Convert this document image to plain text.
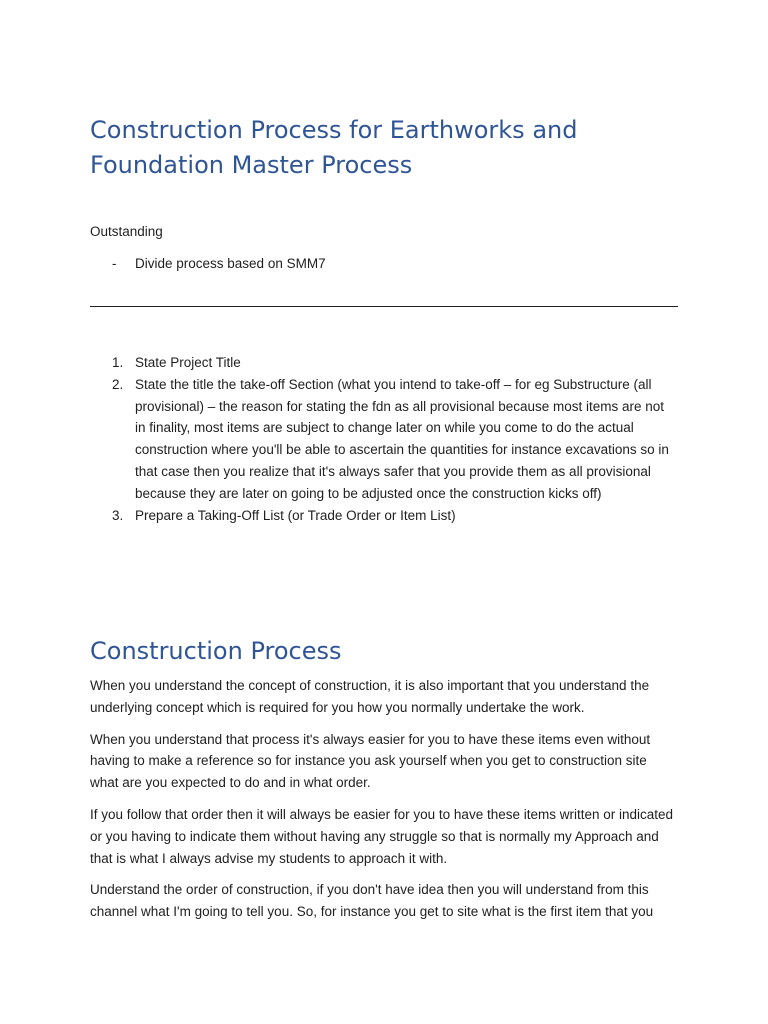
Construction Process for Earthworks and Foundation Master Process
Outstanding
- Divide process based on SMM7
1. State Project Title
2. State the title the take-off Section (what you intend to take-off – for eg Substructure (all provisional) – the reason for stating the fdn as all provisional because most items are not in finality, most items are subject to change later on while you come to do the actual construction where you'll be able to ascertain the quantities for instance excavations so in that case then you realize that it's always safer that you provide them as all provisional because they are later on going to be adjusted once the construction kicks off)
3. Prepare a Taking-Off List (or Trade Order or Item List)
Construction Process

When you understand the concept of construction, it is also important that you understand the underlying concept which is required for you how you normally undertake the work.

When you understand that process it's always easier for you to have these items even without having to make a reference so for instance you ask yourself when you get to construction site what are you expected to do and in what order.

If you follow that order then it will always be easier for you to have these items written or indicated or you having to indicate them without having any struggle so that is normally my Approach and that is what I always advise my students to approach it with.

Understand the order of construction, if you don't have idea then you will understand from this channel what I'm going to tell you. So, for instance you get to site what is the first item that you
